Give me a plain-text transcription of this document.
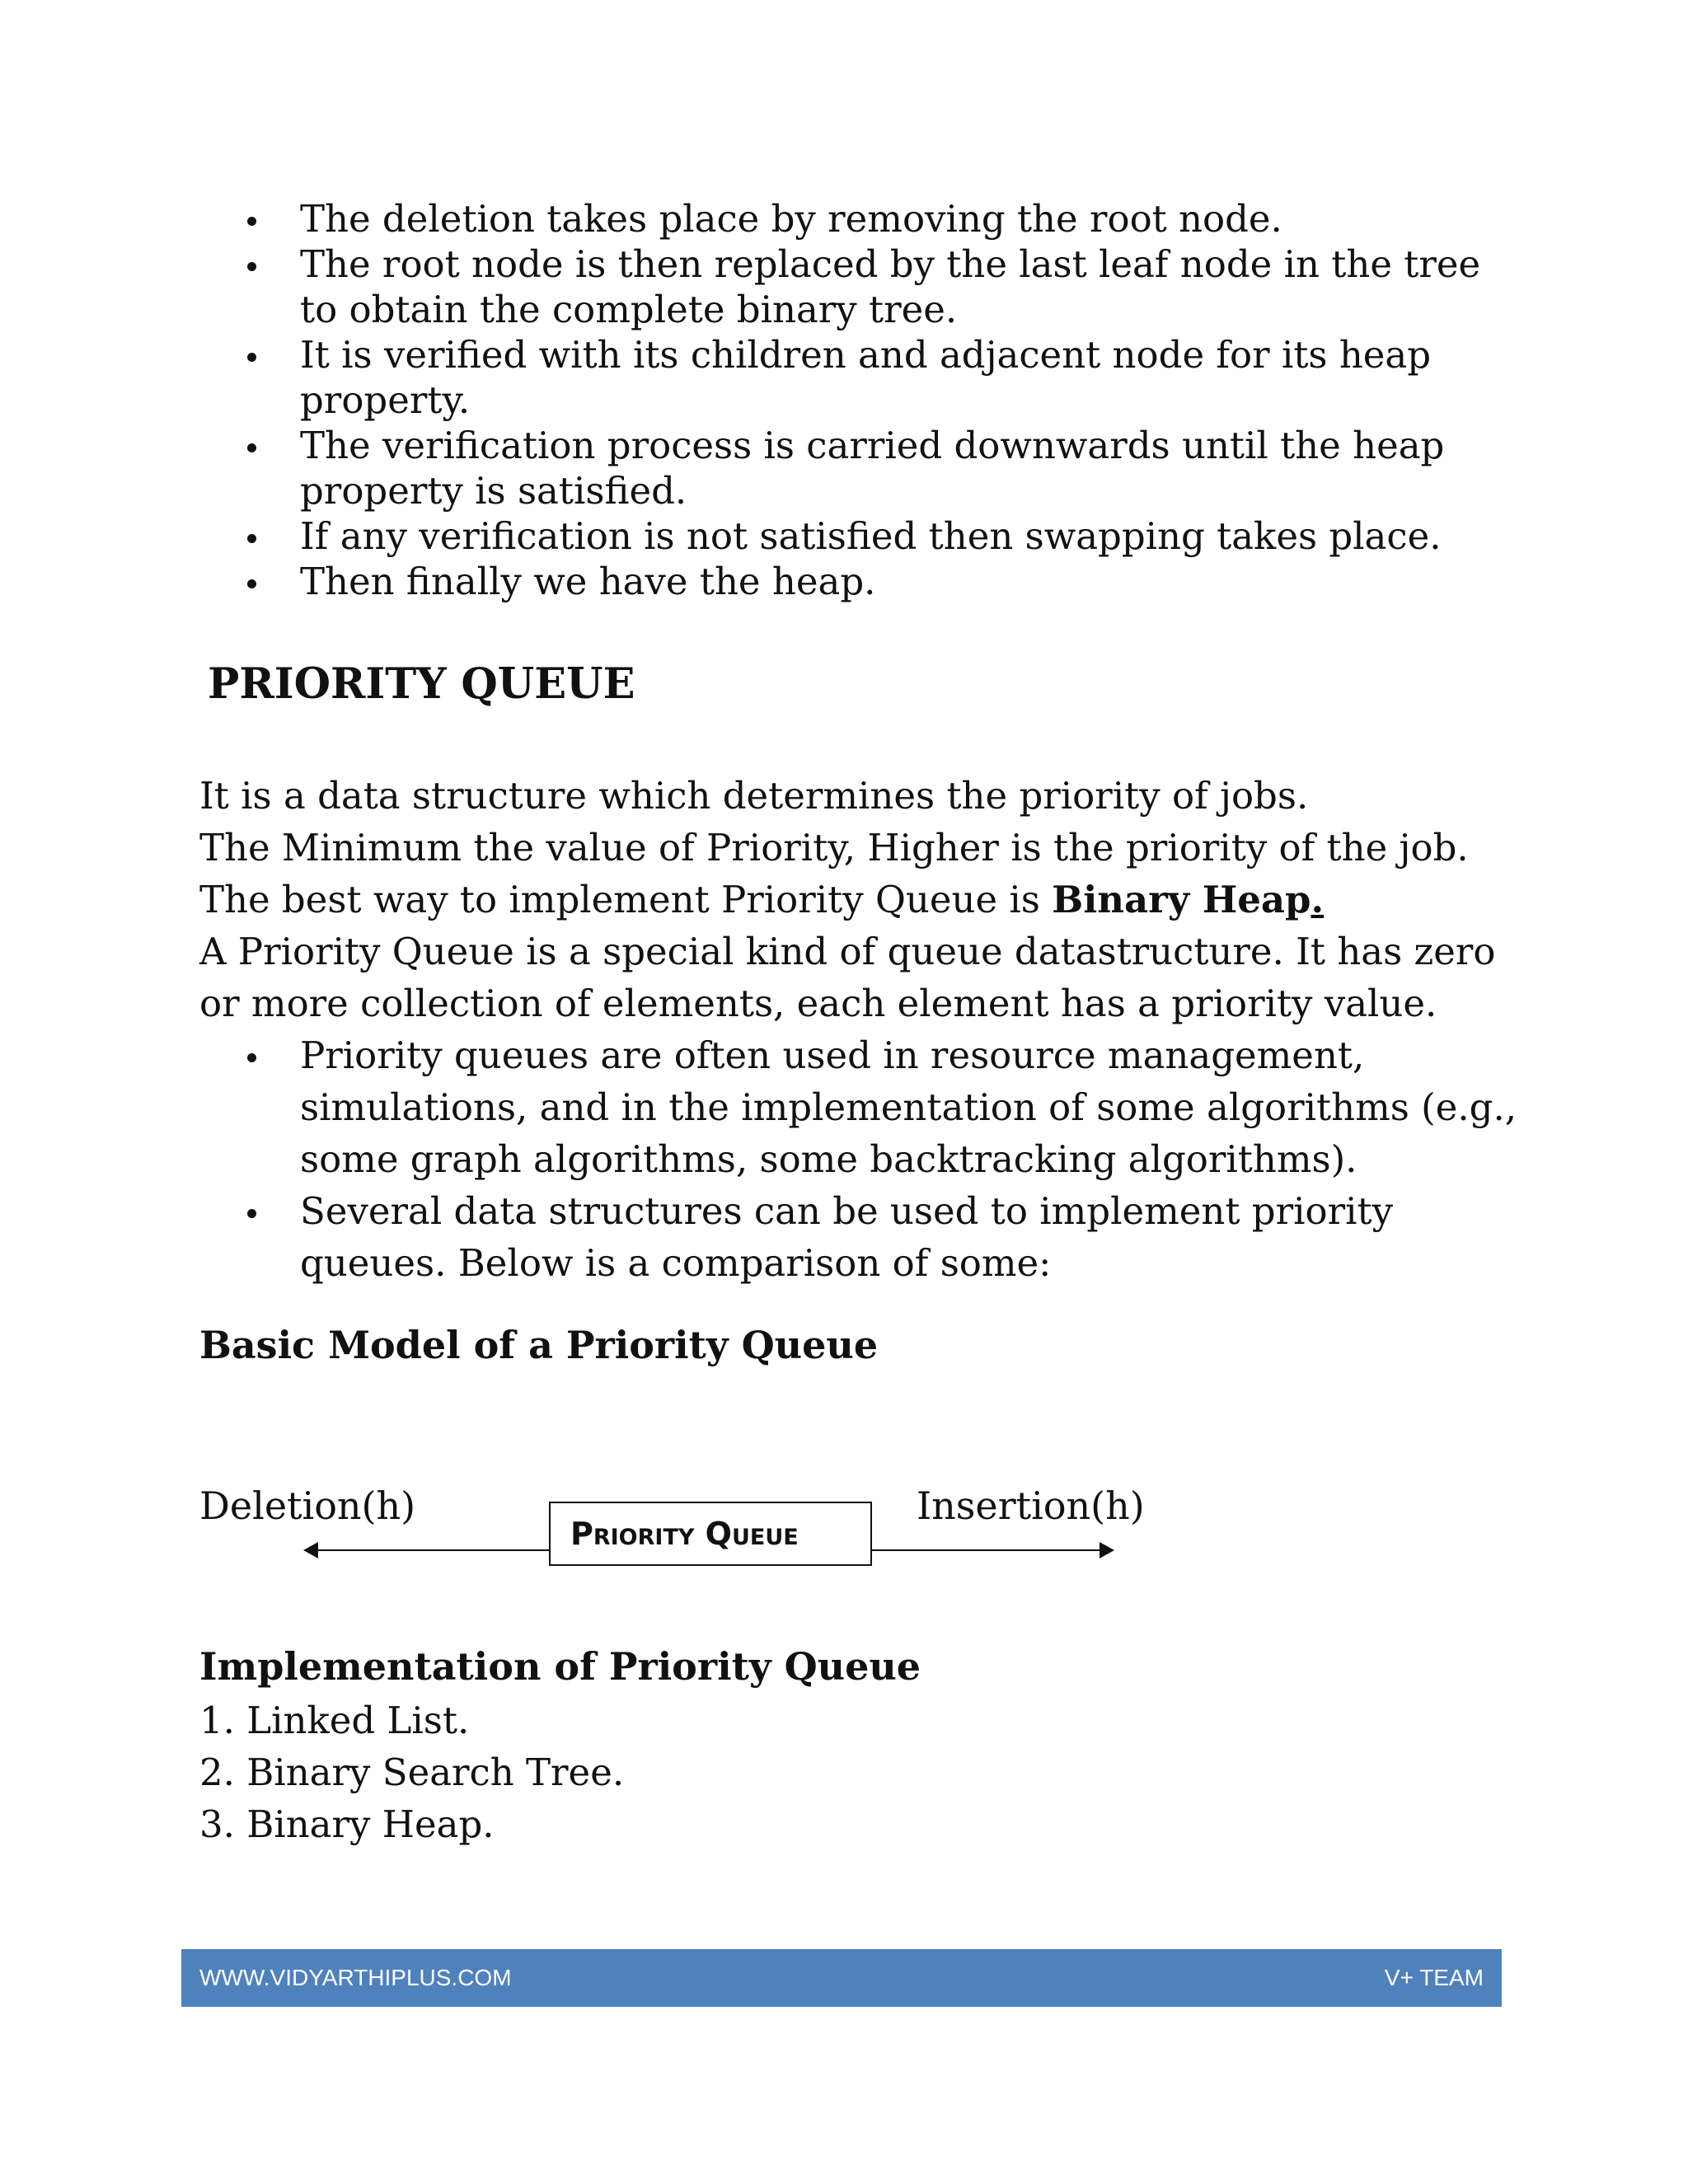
The deletion takes place by removing the root node.
The root node is then replaced by the last leaf node in the tree to obtain the complete binary tree.
It is verified with its children and adjacent node for its heap property.
The verification process is carried downwards until the heap property is satisfied.
If any verification is not satisfied then swapping takes place.
Then finally we have the heap.
PRIORITY QUEUE

It is a data structure which determines the priority of jobs.

The Minimum the value of Priority, Higher is the priority of the job.

The best way to implement Priority Queue is Binary Heap.

A Priority Queue is a special kind of queue datastructure. It has zero or more collection of elements, each element has a priority value.

Priority queues are often used in resource management, simulations, and in the implementation of some algorithms (e.g., some graph algorithms, some backtracking algorithms).
Several data structures can be used to implement priority queues. Below is a comparison of some:
Basic Model of a Priority Queue
Deletion(h)
Priority Queue
Insertion(h)
Implementation of Priority Queue
1. Linked List.
2. Binary Search Tree.
3. Binary Heap.
WWW.VIDYARTHIPLUS.COM	V+ TEAM
